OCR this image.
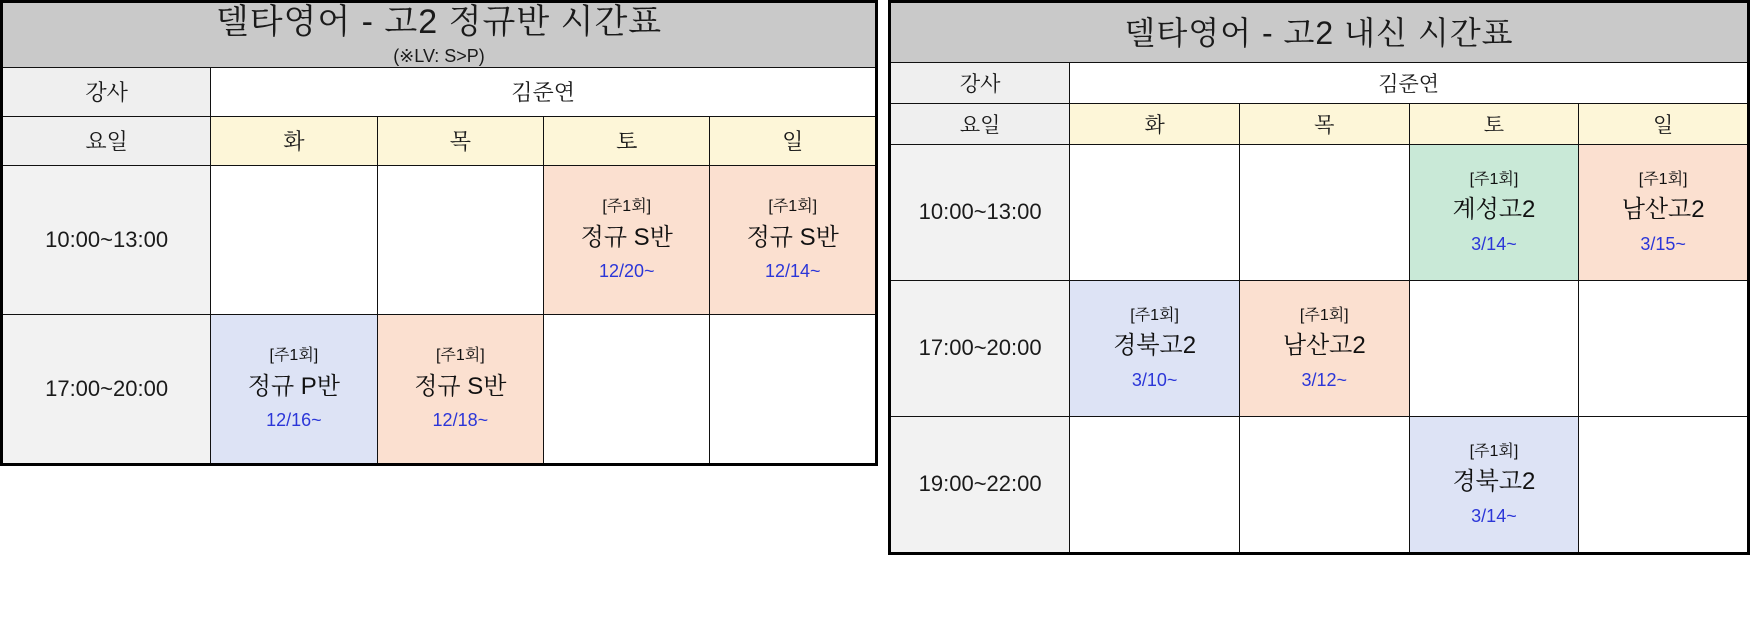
델타영어 - 고2 정규반 시간표
(※LV: S>P)				

강사	김준연			
요일	화	목	토	일
10:00~13:00			[주1회]
정규 S반
12/20~	[주1회]
정규 S반
12/14~

17:00~20:00	[주1회]
정규 P반
12/16~	[주1회]
정규 S반
12/18~		

델타영어 - 고2 내신 시간표				
강사	김준연			
요일	화	목	토	일
10:00~13:00			[주1회]
계성고2
3/14~	[주1회]
남산고2
3/15~

17:00~20:00	[주1회]
경북고2
3/10~	[주1회]
남산고2
3/12~		

19:00~22:00			[주1회]
경북고2
3/14~	
